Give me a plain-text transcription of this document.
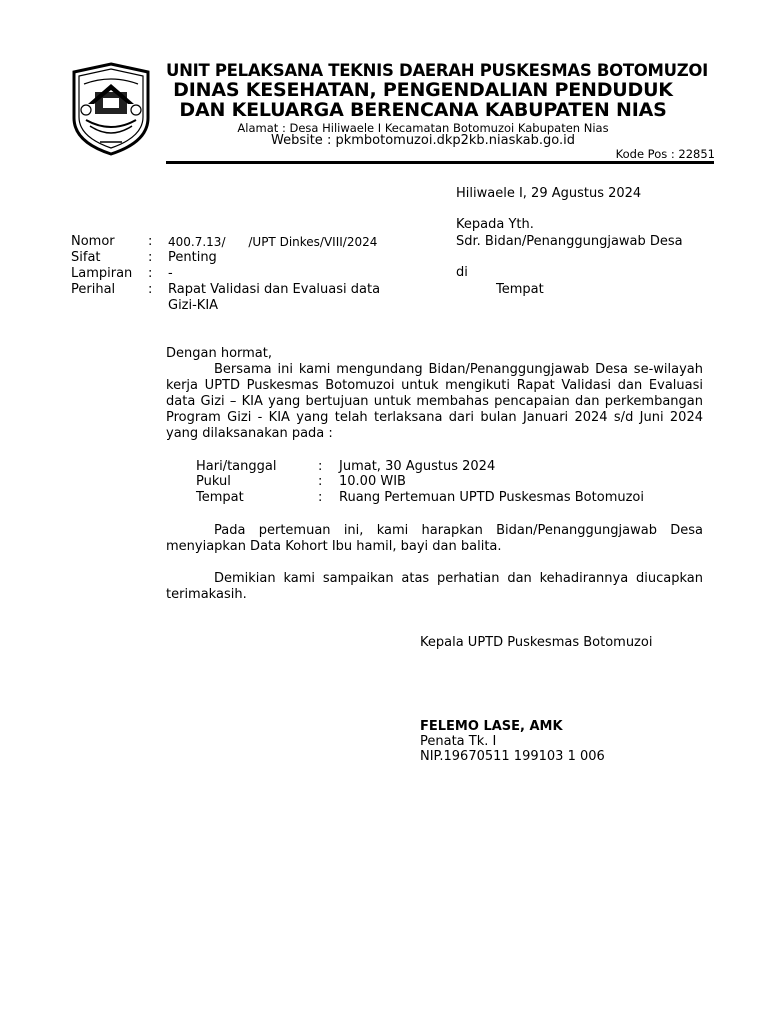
UNIT PELAKSANA TEKNIS DAERAH PUSKESMAS BOTOMUZOI
DINAS KESEHATAN, PENGENDALIAN PENDUDUK
DAN KELUARGA BERENCANA KABUPATEN NIAS
Alamat : Desa Hiliwaele I Kecamatan Botomuzoi Kabupaten Nias
Website : pkmbotomuzoi.dkp2kb.niaskab.go.id
Kode Pos : 22851
Hiliwaele I, 29 Agustus 2024
Kepada Yth.
Sdr. Bidan/Penanggungjawab Desa
di
Tempat
Nomor	: 400.7.13/      /UPT Dinkes/VIII/2024
Sifat	: Penting
Lampiran : -
Perihal	: Rapat Validasi dan Evaluasi data
Gizi-KIA
Dengan hormat,

Bersama ini kami mengundang Bidan/Penanggungjawab Desa se-wilayah kerja UPTD Puskesmas Botomuzoi untuk mengikuti Rapat Validasi dan Evaluasi data Gizi – KIA yang bertujuan untuk membahas pencapaian dan perkembangan Program Gizi - KIA yang telah terlaksana dari bulan Januari 2024 s/d Juni 2024 yang dilaksanakan pada :

Hari/tanggal	: Jumat, 30 Agustus 2024
Pukul	: 10.00 WIB
Tempat	: Ruang Pertemuan UPTD Puskesmas Botomuzoi

Pada pertemuan ini, kami harapkan Bidan/Penanggungjawab Desa menyiapkan Data Kohort Ibu hamil, bayi dan balita.

Demikian kami sampaikan atas perhatian dan kehadirannya diucapkan terimakasih.

Kepala UPTD Puskesmas Botomuzoi
FELEMO LASE, AMK
Penata Tk. I
NIP.19670511 199103 1 006
